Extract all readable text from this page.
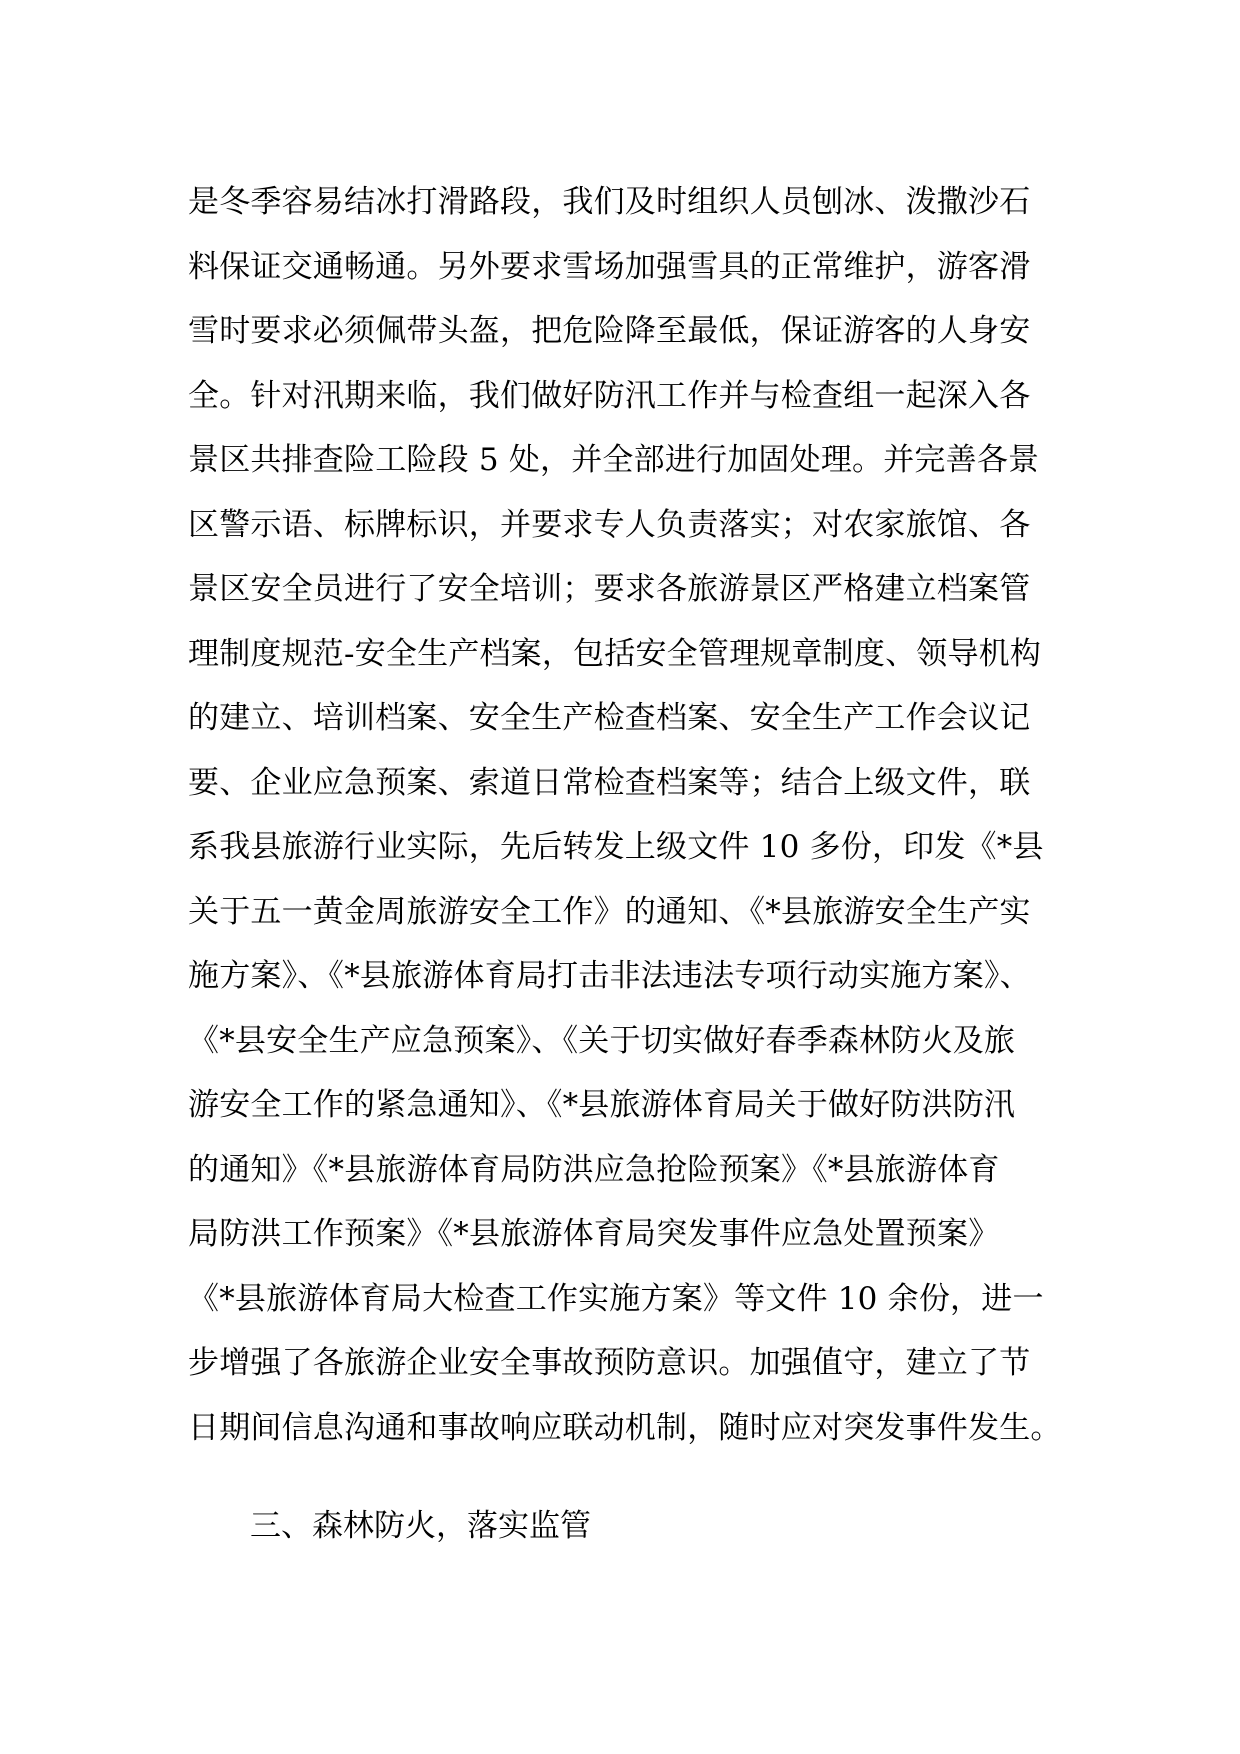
是冬季容易结冰打滑路段，我们及时组织人员刨冰、泼撒沙石
料保证交通畅通。另外要求雪场加强雪具的正常维护，游客滑
雪时要求必须佩带头盔，把危险降至最低，保证游客的人身安
全。针对汛期来临，我们做好防汛工作并与检查组一起深入各
景区共排查险工险段 5 处，并全部进行加固处理。并完善各景
区警示语、标牌标识，并要求专人负责落实；对农家旅馆、各
景区安全员进行了安全培训；要求各旅游景区严格建立档案管
理制度规范-安全生产档案，包括安全管理规章制度、领导机构
的建立、培训档案、安全生产检查档案、安全生产工作会议记
要、企业应急预案、索道日常检查档案等；结合上级文件，联
系我县旅游行业实际，先后转发上级文件 10 多份，印发《*县
关于五一黄金周旅游安全工作》的通知、《*县旅游安全生产实
施方案》、《*县旅游体育局打击非法违法专项行动实施方案》、
《*县安全生产应急预案》、《关于切实做好春季森林防火及旅
游安全工作的紧急通知》、《*县旅游体育局关于做好防洪防汛
的通知》《*县旅游体育局防洪应急抢险预案》《*县旅游体育
局防洪工作预案》《*县旅游体育局突发事件应急处置预案》
《*县旅游体育局大检查工作实施方案》等文件 10 余份，进一
步增强了各旅游企业安全事故预防意识。加强值守，建立了节
日期间信息沟通和事故响应联动机制，随时应对突发事件发生。
三、森林防火，落实监管
